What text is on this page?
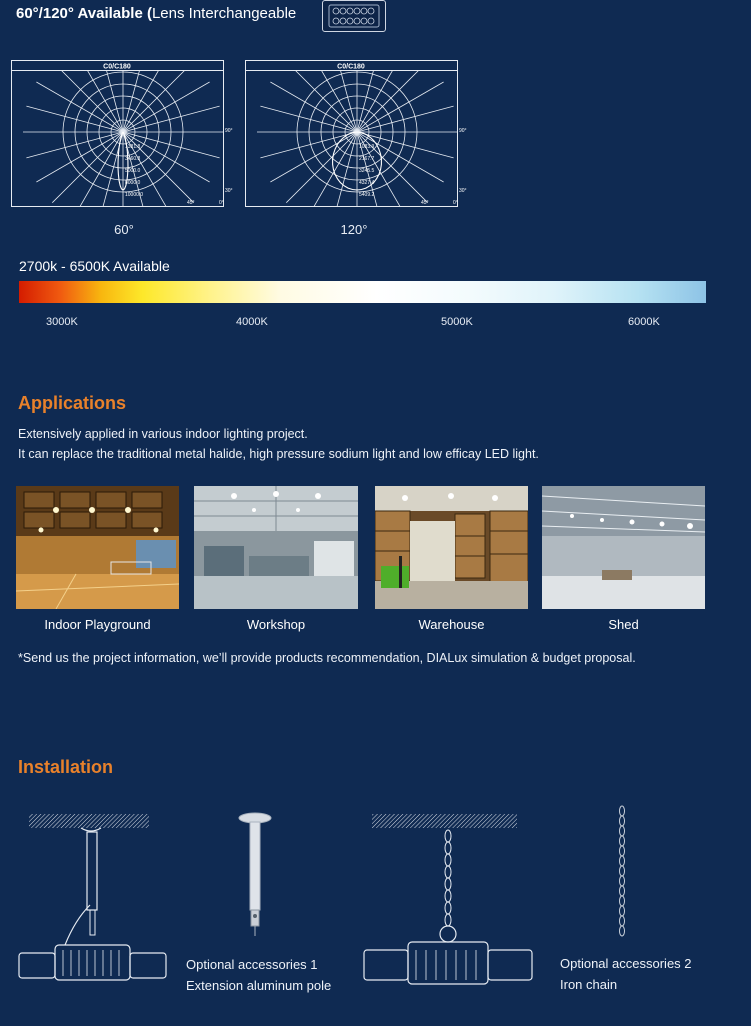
60°/120° Available (Lens Interchangeable
C0/C180
1381.8
3460.8
5000.0
8000.0
10000.0
90°
30°
45°	0°
C0/C180
1083.9
2167.7
3245.5
4327.4
5409.2
90°
30°
45°	0°
60°	120°
2700k - 6500K Available
3000K	4000K	5000K	6000K
Applications
Extensively applied in various indoor lighting project.
It can replace the traditional metal halide, high pressure sodium light and low efficay LED light.
Indoor Playground	Workshop	Warehouse	Shed
*Send us the project information, we’ll provide products recommendation, DIALux simulation & budget proposal.
Installation
Optional accessories 1
Extension aluminum pole
Optional accessories 2
Iron chain
